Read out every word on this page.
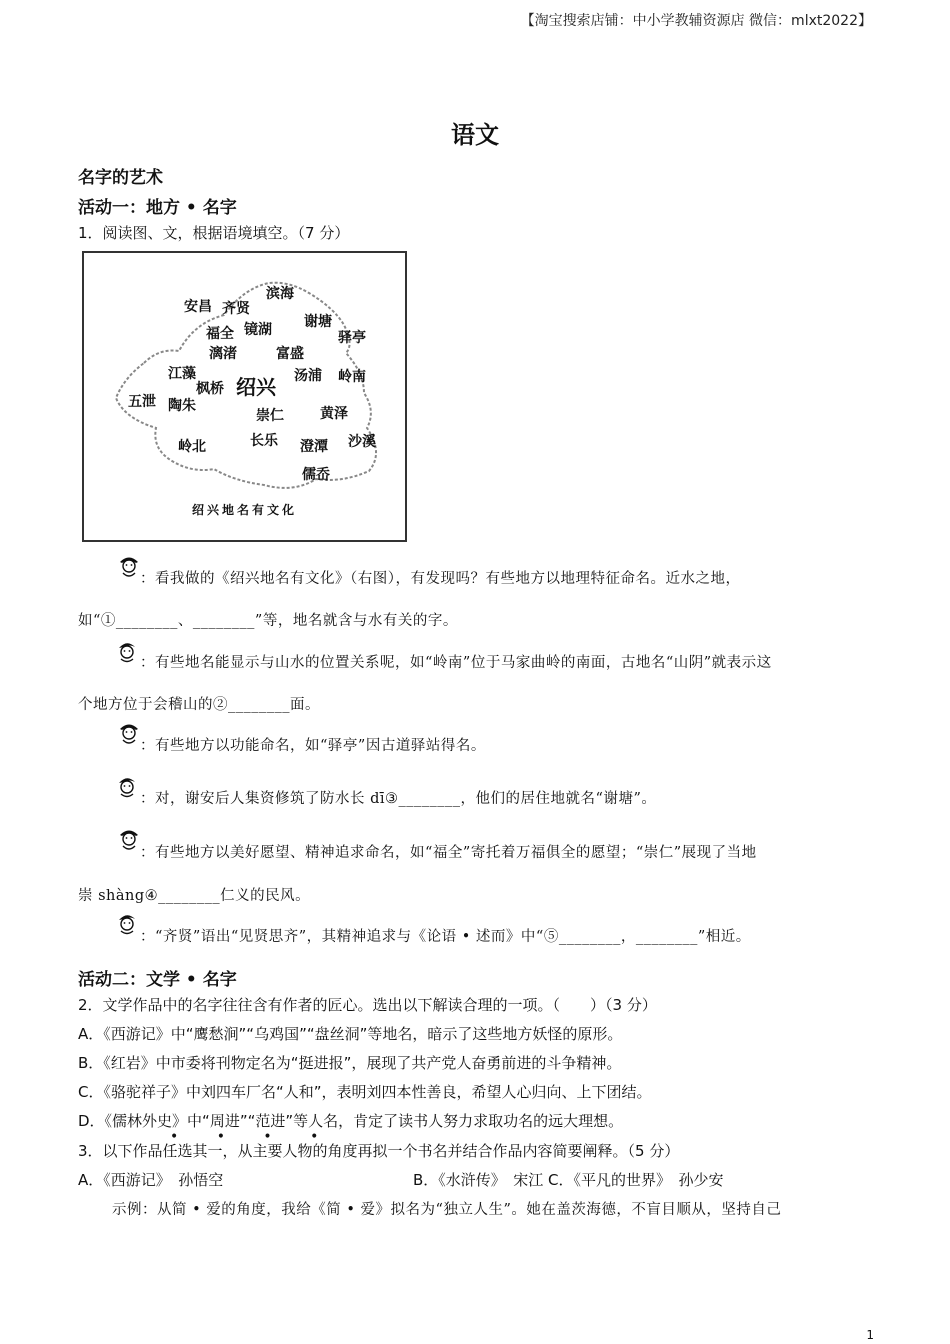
【淘宝搜索店铺：中小学教辅资源店 微信：mlxt2022】
语文
名字的艺术
活动一：地方 • 名字
1．阅读图、文，根据语境填空。（7 分）
滨海
安昌 齐贤
谢塘
驿亭
福全 镜湖
漓渚	富盛
汤浦 岭南
江藻
枫桥 绍兴
五泄 陶朱
崇仁	黄泽
沙溪
岭北	长乐 澄潭
儒岙
绍兴地名有文化
：看我做的《绍兴地名有文化》（右图），有发现吗？有些地方以地理特征命名。近水之地，
如“①________、________”等，地名就含与水有关的字。
：有些地名能显示与山水的位置关系呢，如“岭南”位于马家曲岭的南面，古地名“山阴”就表示这
个地方位于会稽山的②________面。
：有些地方以功能命名，如“驿亭”因古道驿站得名。
：对，谢安后人集资修筑了防水长 dī③________，他们的居住地就名“谢塘”。
：有些地方以美好愿望、精神追求命名，如“福全”寄托着万福俱全的愿望；“崇仁”展现了当地
崇 shàng④________仁义的民风。
：“齐贤”语出“见贤思齐”，其精神追求与《论语 • 述而》中“⑤________，________”相近。
活动二：文学 • 名字
2．文学作品中的名字往往含有作者的匠心。选出以下解读合理的一项。（　　）（3 分）
A．《西游记》中“鹰愁涧”“乌鸡国”“盘丝洞”等地名，暗示了这些地方妖怪的原形。
B．《红岩》中市委将刊物定名为“挺进报”，展现了共产党人奋勇前进的斗争精神。
C．《骆驼祥子》中刘四车厂名“人和”，表明刘四本性善良，希望人心归向、上下团结。
D．《儒林外史》中“周进”“范进”等人名，肯定了读书人努力求取功名的远大理想。
• • • •
3．以下作品任选其一，从主要人物的角度再拟一个书名并结合作品内容简要阐释。（5 分）
A．《西游记》　孙悟空	B．《水浒传》　宋江 C．《平凡的世界》　孙少安
示例：从简 • 爱的角度，我给《简 • 爱》拟名为“独立人生”。她在盖茨海德，不盲目顺从，坚持自己
1
